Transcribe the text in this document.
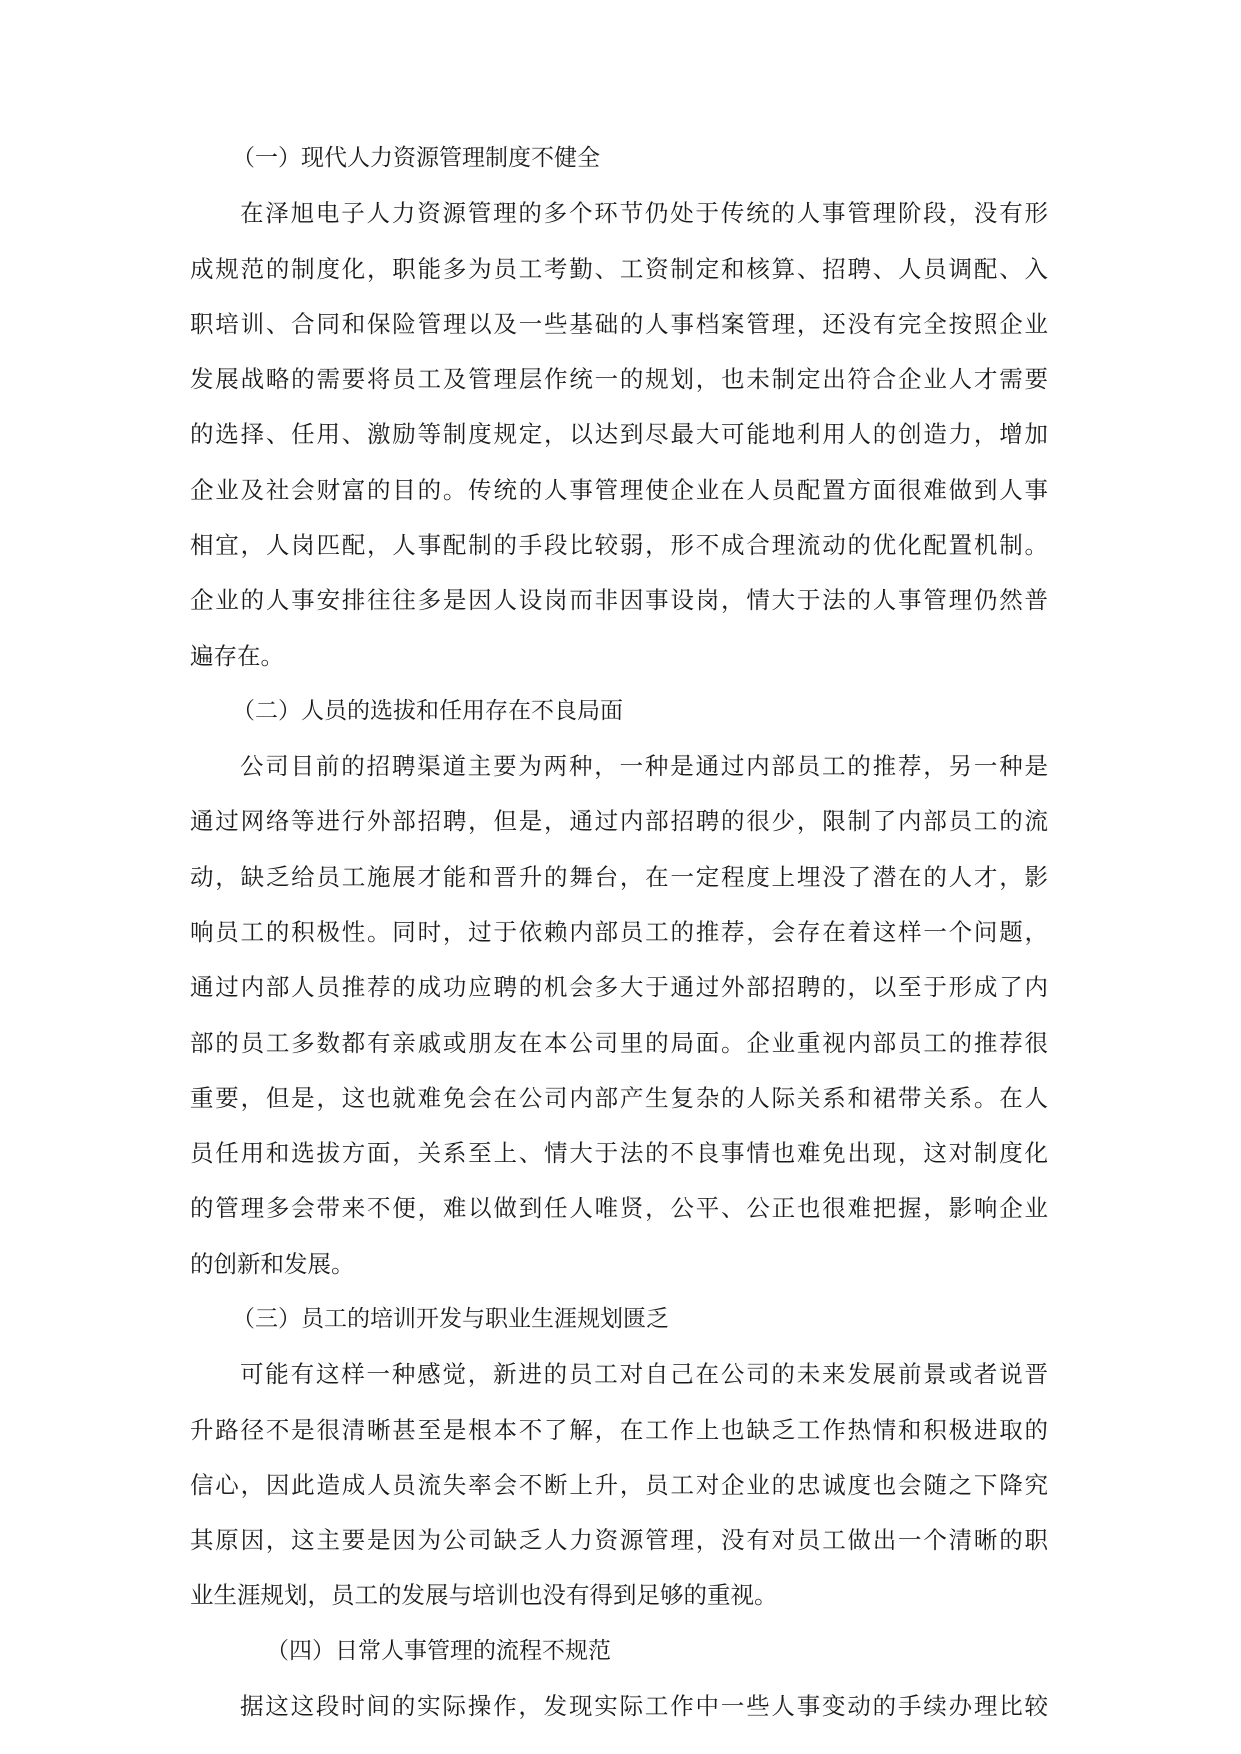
（一）现代人力资源管理制度不健全
在泽旭电子人力资源管理的多个环节仍处于传统的人事管理阶段，没有形
成规范的制度化，职能多为员工考勤、工资制定和核算、招聘、人员调配、入
职培训、合同和保险管理以及一些基础的人事档案管理，还没有完全按照企业
发展战略的需要将员工及管理层作统一的规划，也未制定出符合企业人才需要
的选择、任用、激励等制度规定，以达到尽最大可能地利用人的创造力，增加
企业及社会财富的目的。传统的人事管理使企业在人员配置方面很难做到人事
相宜，人岗匹配，人事配制的手段比较弱，形不成合理流动的优化配置机制。
企业的人事安排往往多是因人设岗而非因事设岗，情大于法的人事管理仍然普
遍存在。
（二）人员的选拔和任用存在不良局面
公司目前的招聘渠道主要为两种，一种是通过内部员工的推荐，另一种是
通过网络等进行外部招聘，但是，通过内部招聘的很少，限制了内部员工的流
动，缺乏给员工施展才能和晋升的舞台，在一定程度上埋没了潜在的人才，影
响员工的积极性。同时，过于依赖内部员工的推荐，会存在着这样一个问题，
通过内部人员推荐的成功应聘的机会多大于通过外部招聘的，以至于形成了内
部的员工多数都有亲戚或朋友在本公司里的局面。企业重视内部员工的推荐很
重要，但是，这也就难免会在公司内部产生复杂的人际关系和裙带关系。在人
员任用和选拔方面，关系至上、情大于法的不良事情也难免出现，这对制度化
的管理多会带来不便，难以做到任人唯贤，公平、公正也很难把握，影响企业
的创新和发展。
（三）员工的培训开发与职业生涯规划匮乏
可能有这样一种感觉，新进的员工对自己在公司的未来发展前景或者说晋
升路径不是很清晰甚至是根本不了解，在工作上也缺乏工作热情和积极进取的
信心，因此造成人员流失率会不断上升，员工对企业的忠诚度也会随之下降究
其原因，这主要是因为公司缺乏人力资源管理，没有对员工做出一个清晰的职
业生涯规划，员工的发展与培训也没有得到足够的重视。
（四）日常人事管理的流程不规范
据这这段时间的实际操作，发现实际工作中一些人事变动的手续办理比较
